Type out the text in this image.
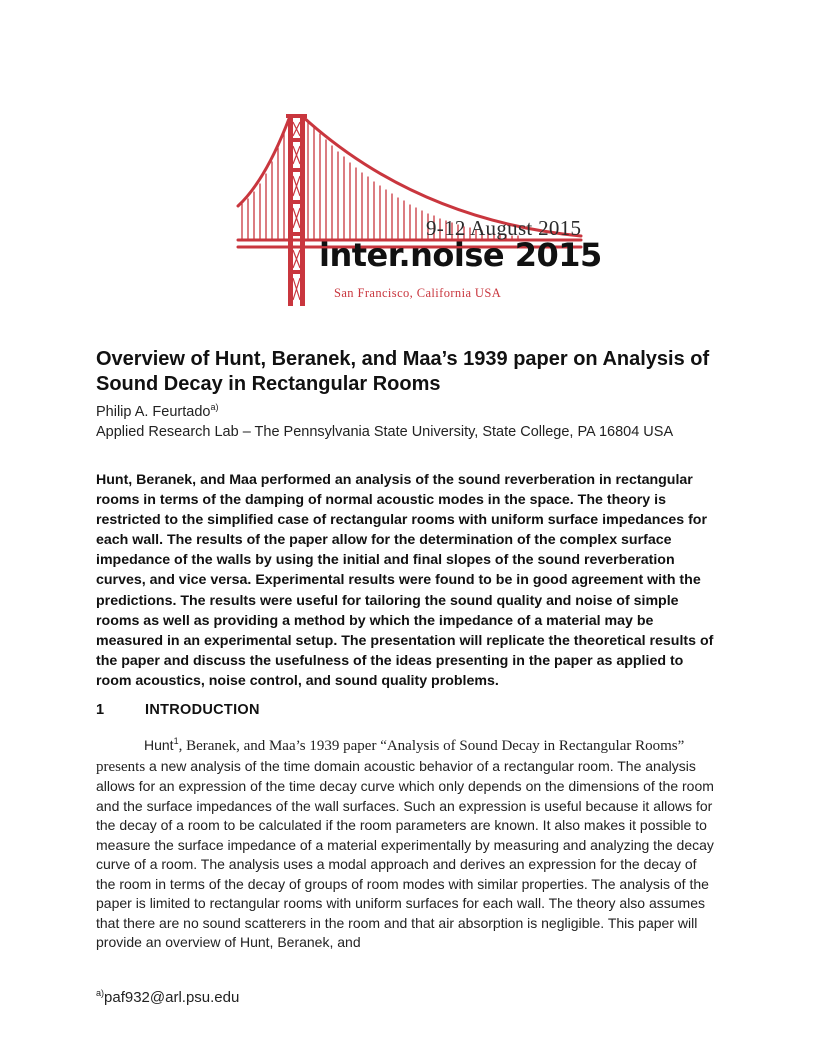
9-12 August 2015
inter.noise 2015
San Francisco, California USA
Overview of Hunt, Beranek, and Maa’s 1939 paper on Analysis of Sound Decay in Rectangular Rooms
Philip A. Feurtado$^{a)}$
Applied Research Lab – The Pennsylvania State University, State College, PA 16804 USA

Hunt, Beranek, and Maa performed an analysis of the sound reverberation in rectangular rooms in terms of the damping of normal acoustic modes in the space. The theory is restricted to the simplified case of rectangular rooms with uniform surface impedances for each wall. The results of the paper allow for the determination of the complex surface impedance of the walls by using the initial and final slopes of the sound reverberation curves, and vice versa. Experimental results were found to be in good agreement with the predictions. The results were useful for tailoring the sound quality and noise of simple rooms as well as providing a method by which the impedance of a material may be measured in an experimental setup. The presentation will replicate the theoretical results of the paper and discuss the usefulness of the ideas presenting in the paper as applied to room acoustics, noise control, and sound quality problems.

1	INTRODUCTION

Hunt$^1$, Beranek, and Maa’s 1939 paper “Analysis of Sound Decay in Rectangular Rooms” presents a new analysis of the time domain acoustic behavior of a rectangular room. The analysis allows for an expression of the time decay curve which only depends on the dimensions of the room and the surface impedances of the wall surfaces. Such an expression is useful because it allows for the decay of a room to be calculated if the room parameters are known. It also makes it possible to measure the surface impedance of a material experimentally by measuring and analyzing the decay curve of a room. The analysis uses a modal approach and derives an expression for the decay of the room in terms of the decay of groups of room modes with similar properties. The analysis of the paper is limited to rectangular rooms with uniform surfaces for each wall. The theory also assumes that there are no sound scatterers in the room and that air absorption is negligible. This paper will provide an overview of Hunt, Beranek, and

$^{a)}$paf932@arl.psu.edu
